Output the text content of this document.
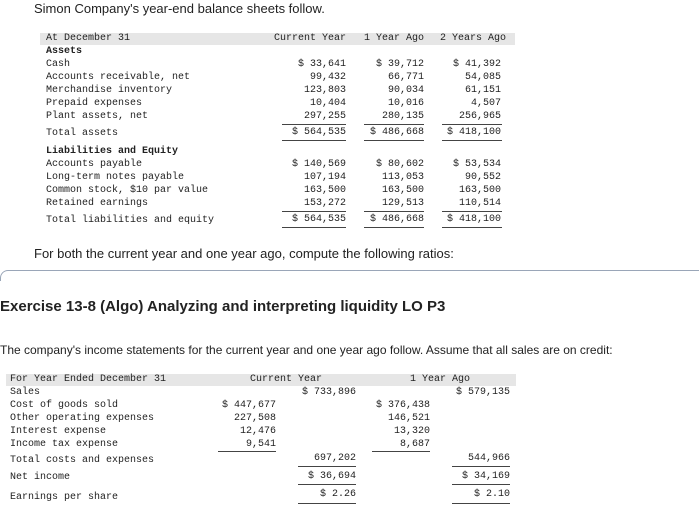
Simon Company's year-end balance sheets follow.
At December 31	Current Year 1 Year Ago 2 Years Ago
Assets
Cash	$ 33,641	$ 39,712	$ 41,392
Accounts receivable, net	99,432	66,771	54,085
Merchandise inventory	123,803	90,034	61,151
Prepaid expenses	10,404	10,016	4,507
Plant assets, net	297,255	280,135	256,965
Total assets	$ 564,535	$ 486,668	$ 418,100
Liabilities and Equity
Accounts payable	$ 140,569	$ 80,602	$ 53,534
Long-term notes payable	107,194	113,053	90,552
Common stock, $10 par value	163,500	163,500	163,500
Retained earnings	153,272	129,513	110,514
Total liabilities and equity	$ 564,535	$ 486,668	$ 418,100
For both the current year and one year ago, compute the following ratios:
Exercise 13-8 (Algo) Analyzing and interpreting liquidity LO P3
The company's income statements for the current year and one year ago follow. Assume that all sales are on credit:
For Year Ended December 31	Current Year	1 Year Ago
Sales	$ 733,896	$ 579,135
Cost of goods sold	$ 447,677	$ 376,438
Other operating expenses	227,508	146,521
Interest expense	12,476	13,320
Income tax expense	9,541	8,687
Total costs and expenses	697,202	544,966
Net income	$ 36,694	$ 34,169
Earnings per share	$ 2.26	$ 2.10
